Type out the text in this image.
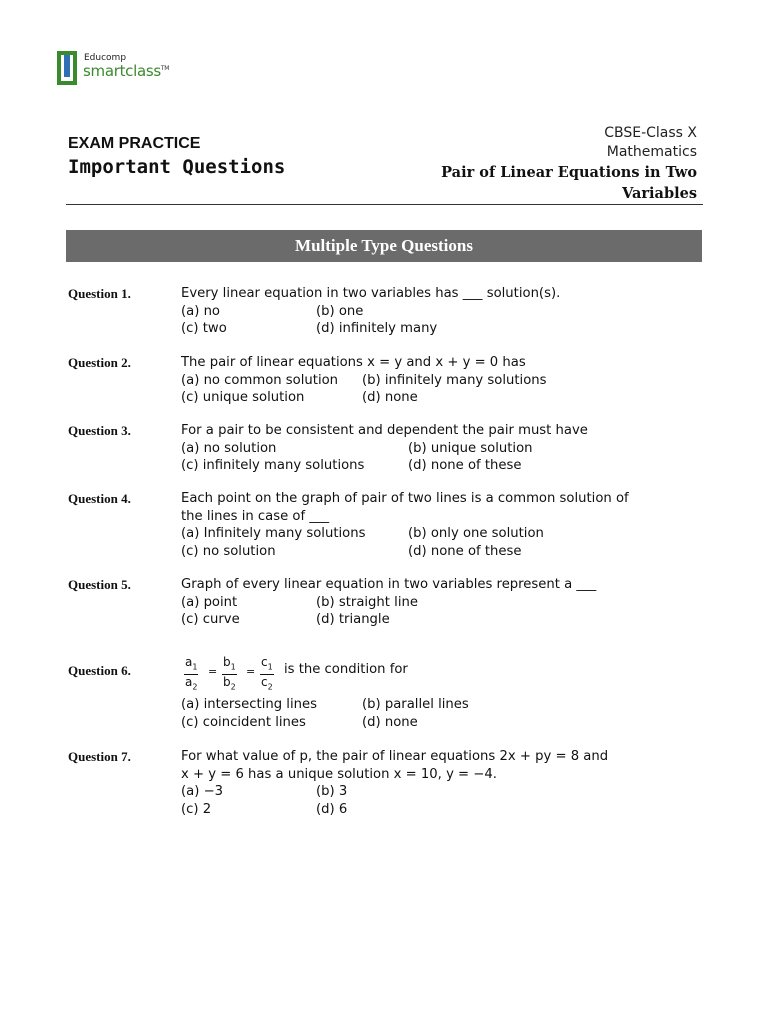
Educomp
smartclass™
EXAM PRACTICE
Important Questions
CBSE-Class X
Mathematics
Pair of Linear Equations in Two
Variables
Multiple Type Questions
Question 1.	Every linear equation in two variables has ___ solution(s).
(a) no	(b) one
(c) two	(d) infinitely many
Question 2.	The pair of linear equations x = y and x + y = 0 has
(a) no common solution (b) infinitely many solutions
(c) unique solution	(d) none
Question 3.	For a pair to be consistent and dependent the pair must have
(a) no solution	(b) unique solution
(c) infinitely many solutions	(d) none of these
Question 4.	Each point on the graph of pair of two lines is a common solution of
the lines in case of ___
(a) Infinitely many solutions	(b) only one solution
(c) no solution	(d) none of these
Question 5.	Graph of every linear equation in two variables represent a ___
(a) point	(b) straight line
(c) curve	(d) triangle
Question 6.	$\frac{a_1}{a_2} = \frac{b_1}{b_2} = \frac{c_1}{c_2}$ is the condition for
(a) intersecting lines	(b) parallel lines
(c) coincident lines	(d) none
Question 7.	For what value of p, the pair of linear equations 2x + py = 8 and
x + y = 6 has a unique solution x = 10, y = −4.
(a) −3	(b) 3
(c) 2	(d) 6
